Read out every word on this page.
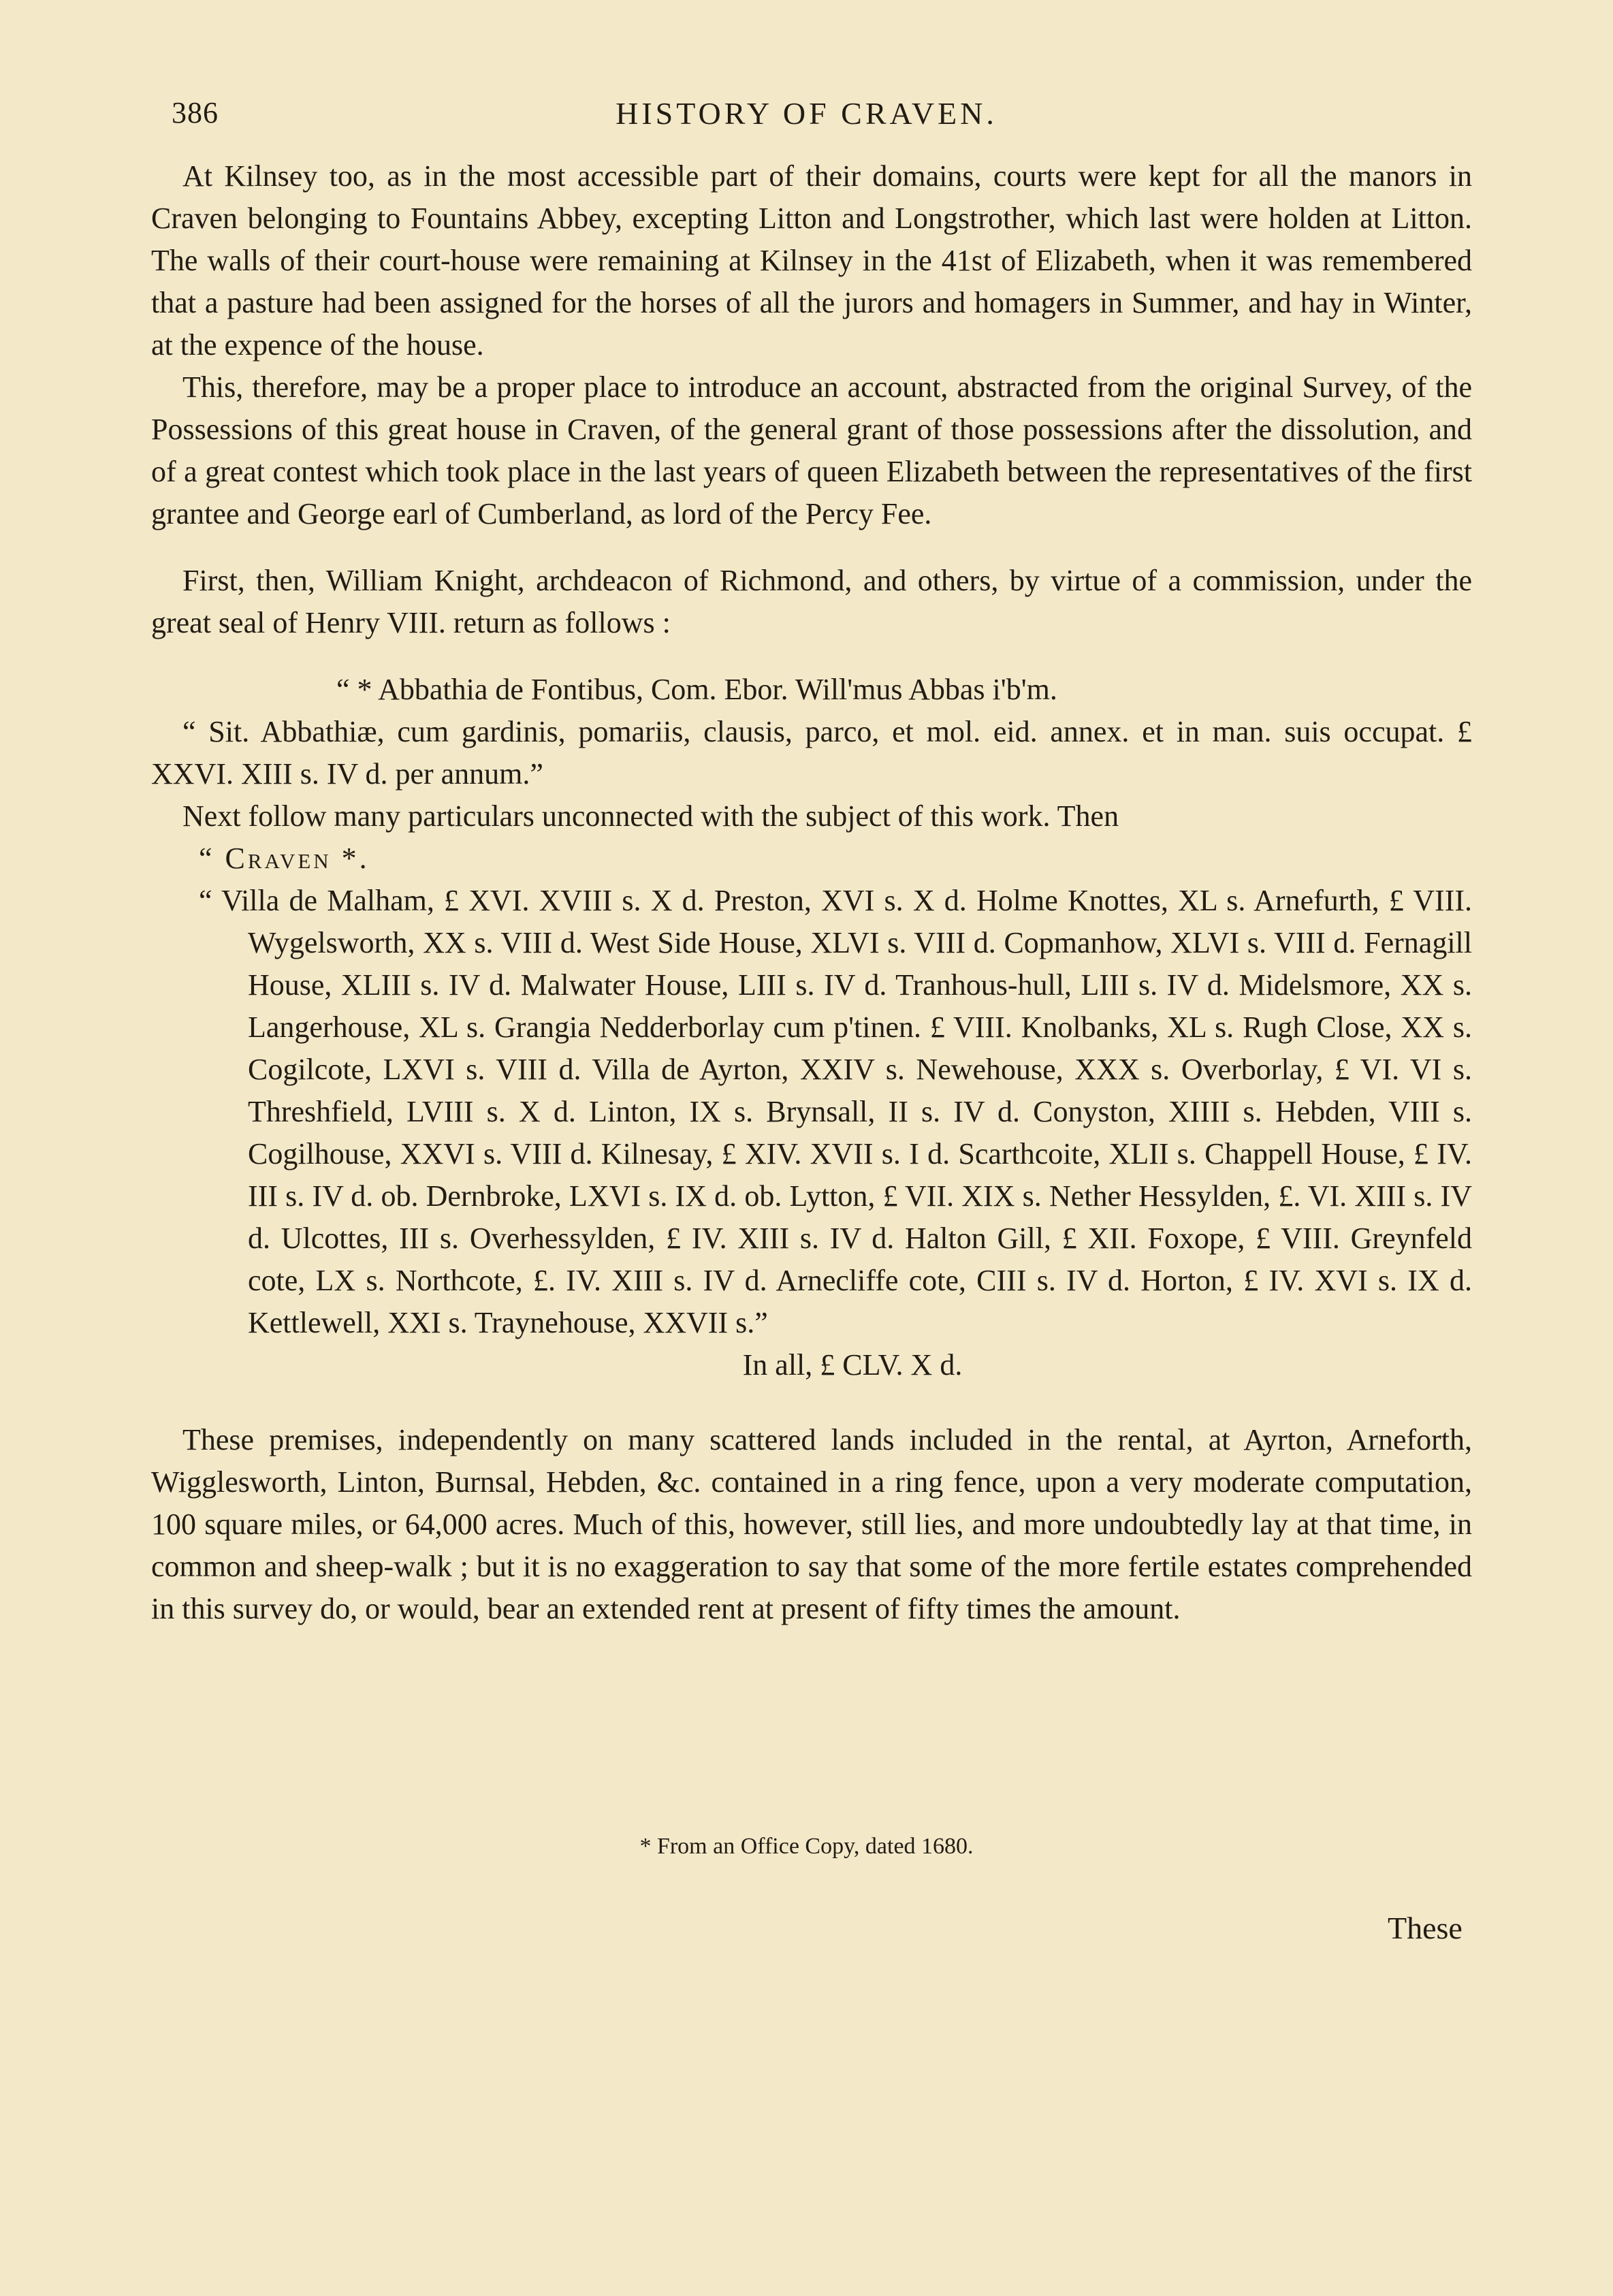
386	HISTORY OF CRAVEN.

At Kilnsey too, as in the most accessible part of their domains, courts were kept for all the manors in Craven belonging to Fountains Abbey, excepting Litton and Longstrother, which last were holden at Litton. The walls of their court-house were remaining at Kilnsey in the 41st of Elizabeth, when it was remembered that a pasture had been assigned for the horses of all the jurors and homagers in Summer, and hay in Winter, at the expence of the house.

This, therefore, may be a proper place to introduce an account, abstracted from the original Survey, of the Possessions of this great house in Craven, of the general grant of those possessions after the dissolution, and of a great contest which took place in the last years of queen Elizabeth between the representatives of the first grantee and George earl of Cumberland, as lord of the Percy Fee.

First, then, William Knight, archdeacon of Richmond, and others, by virtue of a commission, under the great seal of Henry VIII. return as follows :

“ * Abbathia de Fontibus, Com. Ebor. Will'mus Abbas i'b'm.

“ Sit. Abbathiæ, cum gardinis, pomariis, clausis, parco, et mol. eid. annex. et in man. suis occupat. £ XXVI. XIII s. IV d. per annum.”

Next follow many particulars unconnected with the subject of this work. Then

“ Craven *.

“ Villa de Malham, £ XVI. XVIII s. X d. Preston, XVI s. X d. Holme Knottes, XL s. Arnefurth, £ VIII. Wygelsworth, XX s. VIII d. West Side House, XLVI s. VIII d. Copmanhow, XLVI s. VIII d. Fernagill House, XLIII s. IV d. Malwater House, LIII s. IV d. Tranhous-hull, LIII s. IV d. Midelsmore, XX s. Langerhouse, XL s. Grangia Nedderborlay cum p'tinen. £ VIII. Knolbanks, XL s. Rugh Close, XX s. Cogilcote, LXVI s. VIII d. Villa de Ayrton, XXIV s. Newehouse, XXX s. Overborlay, £ VI. VI s. Threshfield, LVIII s. X d. Linton, IX s. Brynsall, II s. IV d. Conyston, XIIII s. Hebden, VIII s. Cogilhouse, XXVI s. VIII d. Kilnesay, £ XIV. XVII s. I d. Scarthcoite, XLII s. Chappell House, £ IV. III s. IV d. ob. Dernbroke, LXVI s. IX d. ob. Lytton, £ VII. XIX s. Nether Hessylden, £. VI. XIII s. IV d. Ulcottes, III s. Overhessylden, £ IV. XIII s. IV d. Halton Gill, £ XII. Foxope, £ VIII. Greynfeld cote, LX s. Northcote, £. IV. XIII s. IV d. Arnecliffe cote, CIII s. IV d. Horton, £ IV. XVI s. IX d. Kettlewell, XXI s. Traynehouse, XXVII s.”

In all, £ CLV. X d.

These premises, independently on many scattered lands included in the rental, at Ayrton, Arneforth, Wigglesworth, Linton, Burnsal, Hebden, &c. contained in a ring fence, upon a very moderate computation, 100 square miles, or 64,000 acres. Much of this, however, still lies, and more undoubtedly lay at that time, in common and sheep-walk ; but it is no exaggeration to say that some of the more fertile estates comprehended in this survey do, or would, bear an extended rent at present of fifty times the amount.

* From an Office Copy, dated 1680.
These
